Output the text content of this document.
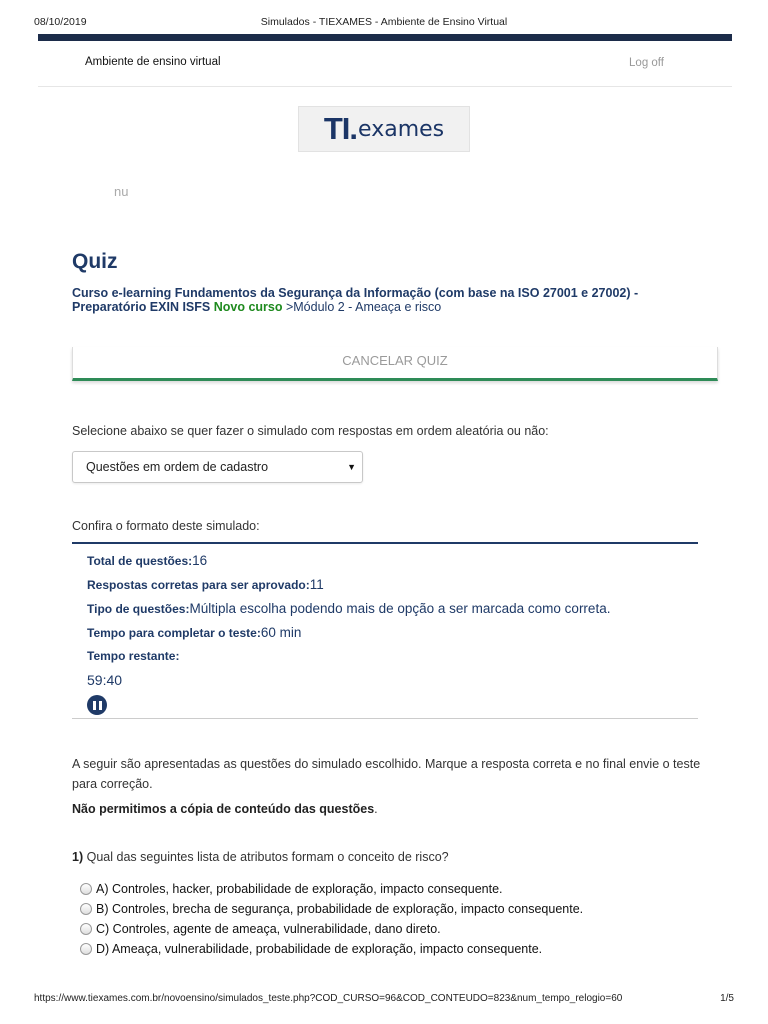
08/10/2019	Simulados - TIEXAMES - Ambiente de Ensino Virtual
Ambiente de ensino virtual	Log off
TI. exames
nu
Quiz
Curso e-learning Fundamentos da Segurança da Informação (com base na ISO 27001 e 27002) - Preparatório EXIN ISFS Novo curso >Módulo 2 - Ameaça e risco
CANCELAR QUIZ

Selecione abaixo se quer fazer o simulado com respostas em ordem aleatória ou não:

Questões em ordem de cadastro	▼

Confira o formato deste simulado:

Total de questões:16
Respostas corretas para ser aprovado:11
Tipo de questões:Múltipla escolha podendo mais de opção a ser marcada como correta.
Tempo para completar o teste:60 min
Tempo restante:
59:40

A seguir são apresentadas as questões do simulado escolhido. Marque a resposta correta e no final envie o teste para correção.

Não permitimos a cópia de conteúdo das questões.

1) Qual das seguintes lista de atributos formam o conceito de risco?

A) Controles, hacker, probabilidade de exploração, impacto consequente.
B) Controles, brecha de segurança, probabilidade de exploração, impacto consequente.
C) Controles, agente de ameaça, vulnerabilidade, dano direto.
D) Ameaça, vulnerabilidade, probabilidade de exploração, impacto consequente.
https://www.tiexames.com.br/novoensino/simulados_teste.php?COD_CURSO=96&COD_CONTEUDO=823&num_tempo_relogio=60	1/5
